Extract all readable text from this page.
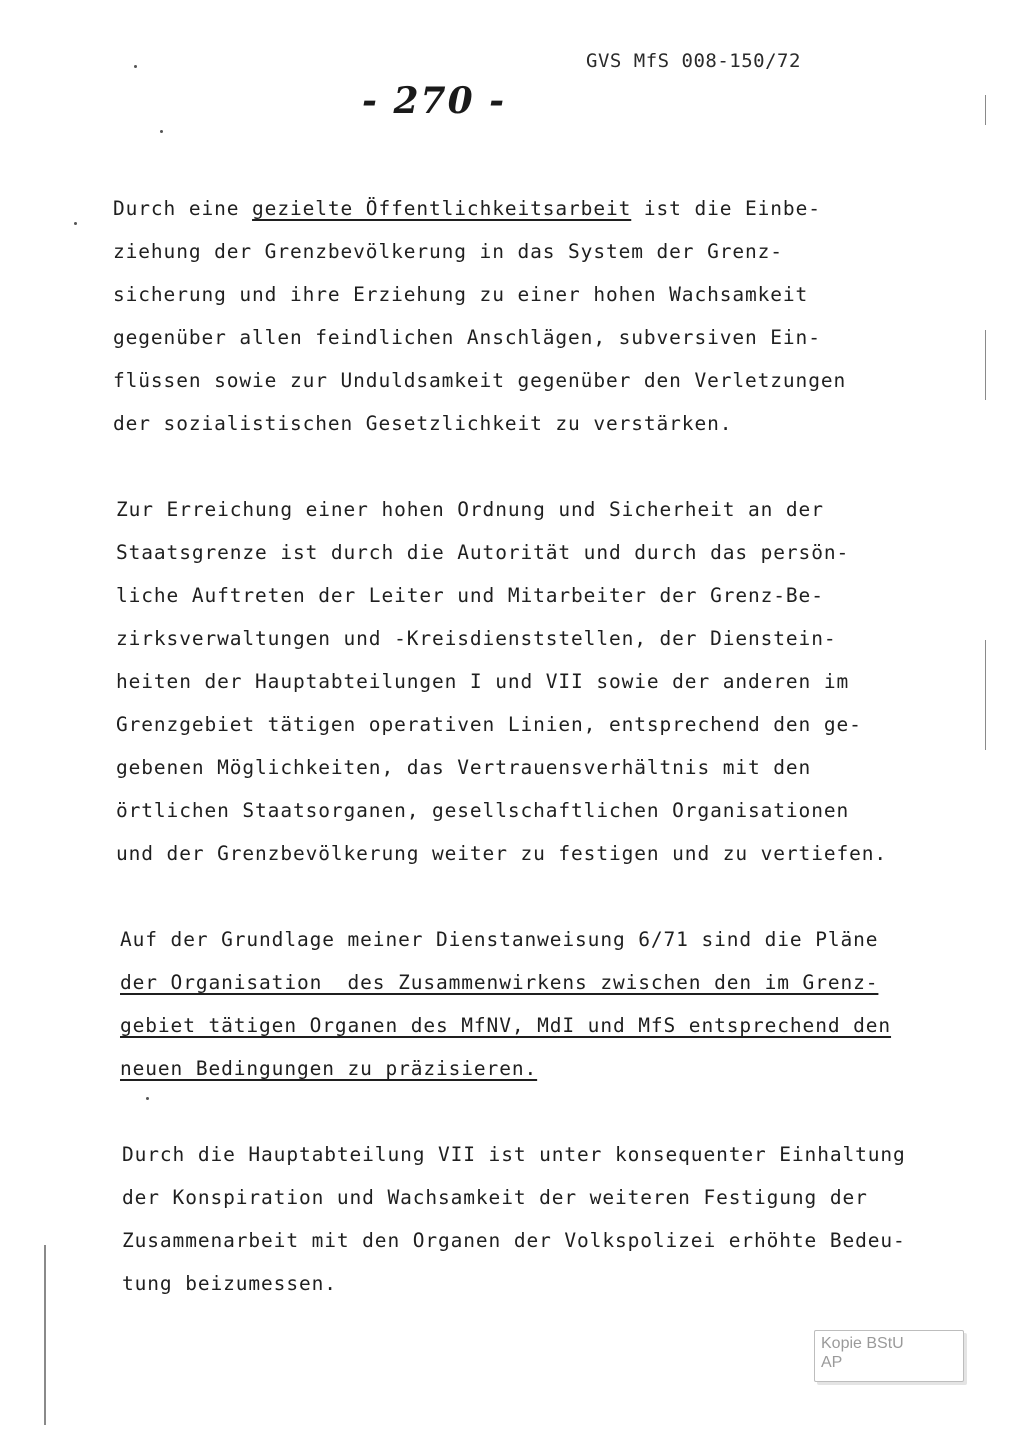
GVS MfS 008-150/72
- 270 -
Durch eine gezielte Öffentlichkeitsarbeit ist die Einbe-
ziehung der Grenzbevölkerung in das System der Grenz-
sicherung und ihre Erziehung zu einer hohen Wachsamkeit
gegenüber allen feindlichen Anschlägen, subversiven Ein-
flüssen sowie zur Unduldsamkeit gegenüber den Verletzungen
der sozialistischen Gesetzlichkeit zu verstärken.
Zur Erreichung einer hohen Ordnung und Sicherheit an der
Staatsgrenze ist durch die Autorität und durch das persön-
liche Auftreten der Leiter und Mitarbeiter der Grenz-Be-
zirksverwaltungen und -Kreisdienststellen, der Dienstein-
heiten der Hauptabteilungen I und VII sowie der anderen im
Grenzgebiet tätigen operativen Linien, entsprechend den ge-
gebenen Möglichkeiten, das Vertrauensverhältnis mit den
örtlichen Staatsorganen, gesellschaftlichen Organisationen
und der Grenzbevölkerung weiter zu festigen und zu vertiefen.
Auf der Grundlage meiner Dienstanweisung 6/71 sind die Pläne
der Organisation  des Zusammenwirkens zwischen den im Grenz-
gebiet tätigen Organen des MfNV, MdI und MfS entsprechend den
neuen Bedingungen zu präzisieren.
Durch die Hauptabteilung VII ist unter konsequenter Einhaltung
der Konspiration und Wachsamkeit der weiteren Festigung der
Zusammenarbeit mit den Organen der Volkspolizei erhöhte Bedeu-
tung beizumessen.
Kopie BStU
AP
